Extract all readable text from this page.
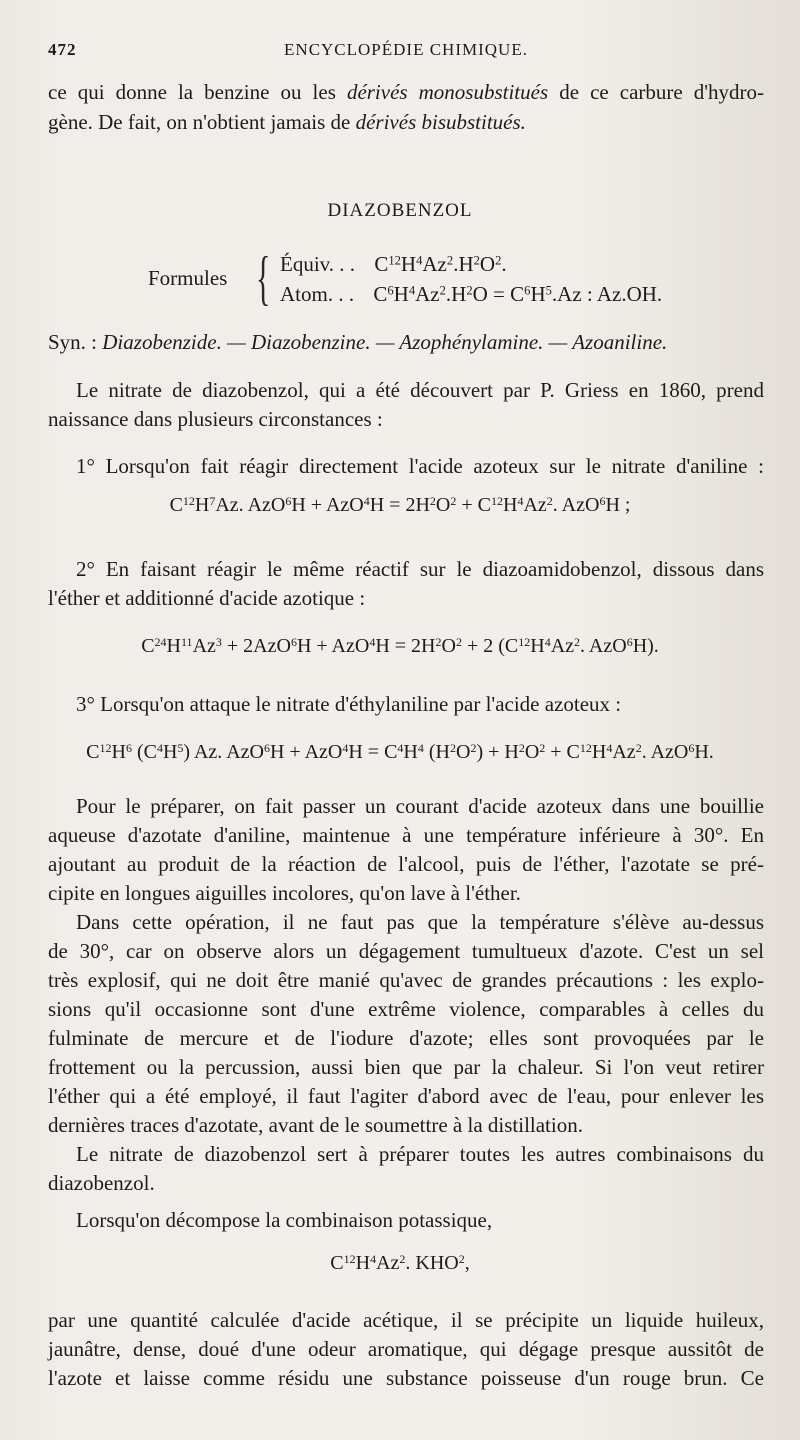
472	ENCYCLOPÉDIE CHIMIQUE.
ce qui donne la benzine ou les dérivés monosubstitués de ce carbure d'hydro-
gène. De fait, on n'obtient jamais de dérivés bisubstitués.
DIAZOBENZOL
Formules { Équiv. . . $C^{12}H^4Az^2.H^2O^2$.
Atom. . . $C^6H^4Az^2.H^2O = C^6H^5.Az$ : Az.OH.
Syn. : Diazobenzide. — Diazobenzine. — Azophénylamine. — Azoaniline.
Le nitrate de diazobenzol, qui a été découvert par P. Griess en 1860, prend
naissance dans plusieurs circonstances :
1° Lorsqu'on fait réagir directement l'acide azoteux sur le nitrate d'aniline :
$C^{12}H^7Az$. $AzO^6H + AzO^4H = 2H^2O^2 + C^{12}H^4Az^2$. AzO$^6$H ;
2° En faisant réagir le même réactif sur le diazoamidobenzol, dissous dans
l'éther et additionné d'acide azotique :
$C^{24}H^{11}Az^3 + 2AzO^6H + AzO^4H = 2H^2O^2 + 2$ ($C^{12}H^4Az^2$. AzO$^6$H).
3° Lorsqu'on attaque le nitrate d'éthylaniline par l'acide azoteux :
$C^{12}H^6$ $(C^4H^5)$ Az. $AzO^6H + AzO^4H = C^4H^4$ $(H^2O^2) + H^2O^2 + C^{12}H^4Az^2$. AzO$^6$H.
Pour le préparer, on fait passer un courant d'acide azoteux dans une bouillie
aqueuse d'azotate d'aniline, maintenue à une température inférieure à 30°. En
ajoutant au produit de la réaction de l'alcool, puis de l'éther, l'azotate se pré-
cipite en longues aiguilles incolores, qu'on lave à l'éther.
Dans cette opération, il ne faut pas que la température s'élève au-dessus
de 30°, car on observe alors un dégagement tumultueux d'azote. C'est un sel
très explosif, qui ne doit être manié qu'avec de grandes précautions : les explo-
sions qu'il occasionne sont d'une extrême violence, comparables à celles du
fulminate de mercure et de l'iodure d'azote; elles sont provoquées par le
frottement ou la percussion, aussi bien que par la chaleur. Si l'on veut retirer
l'éther qui a été employé, il faut l'agiter d'abord avec de l'eau, pour enlever les
dernières traces d'azotate, avant de le soumettre à la distillation.
Le nitrate de diazobenzol sert à préparer toutes les autres combinaisons du
diazobenzol.
Lorsqu'on décompose la combinaison potassique,
$C^{12}H^4Az^2$. KHO$^2$,
par une quantité calculée d'acide acétique, il se précipite un liquide huileux,
jaunâtre, dense, doué d'une odeur aromatique, qui dégage presque aussitôt de
l'azote et laisse comme résidu une substance poisseuse d'un rouge brun. Ce
